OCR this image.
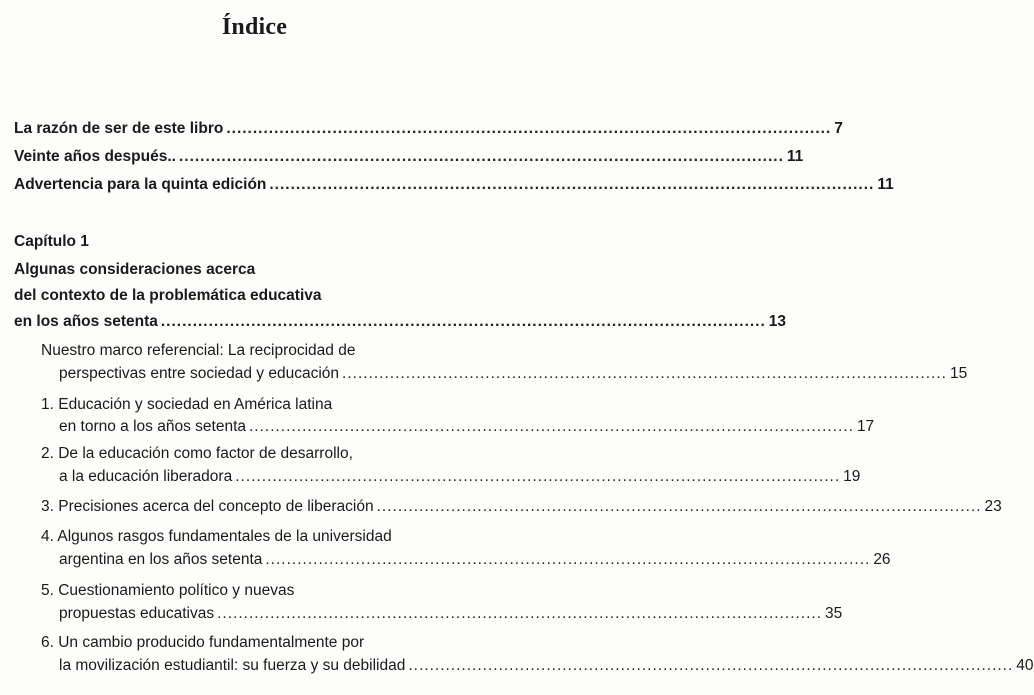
Índice
La razón de ser de este libro .................................................................................................................. 7
Veinte años después.. .................................................................................................................. 11
Advertencia para la quinta edición .................................................................................................................. 11
Capítulo 1
Algunas consideraciones acerca
del contexto de la problemática educativa
en los años setenta .................................................................................................................. 13
Nuestro marco referencial: La reciprocidad de
perspectivas entre sociedad y educación .................................................................................................................. 15
1. Educación y sociedad en América latina
en torno a los años setenta .................................................................................................................. 17
2. De la educación como factor de desarrollo,
a la educación liberadora .................................................................................................................. 19
3. Precisiones acerca del concepto de liberación .................................................................................................................. 23
4. Algunos rasgos fundamentales de la universidad
argentina en los años setenta .................................................................................................................. 26
5. Cuestionamiento político y nuevas
propuestas educativas .................................................................................................................. 35
6. Un cambio producido fundamentalmente por
la movilización estudiantil: su fuerza y su debilidad .................................................................................................................. 40
